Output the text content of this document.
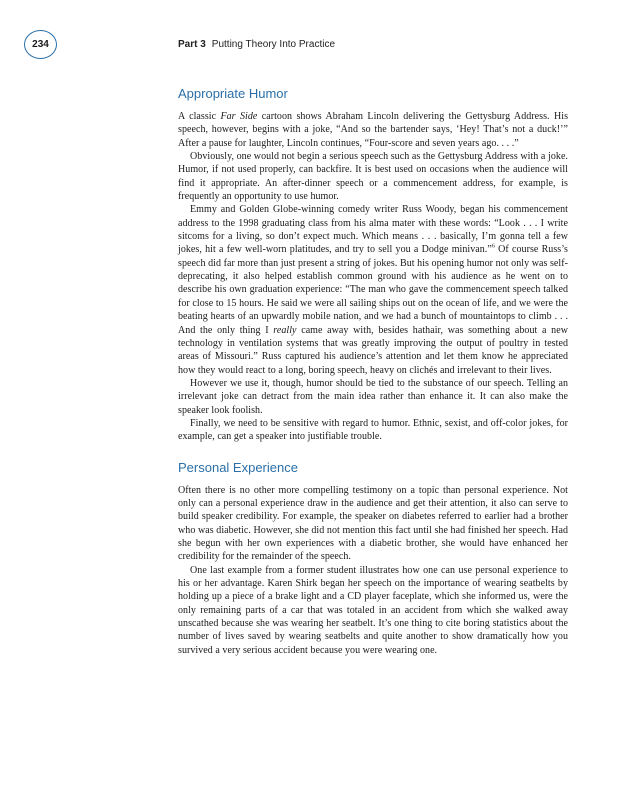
234	Part 3 Putting Theory Into Practice
Appropriate Humor

A classic Far Side cartoon shows Abraham Lincoln delivering the Gettysburg Address. His speech, however, begins with a joke, “And so the bartender says, ‘Hey! That’s not a duck!’” After a pause for laughter, Lincoln continues, “Four-score and seven years ago. . . .”

Obviously, one would not begin a serious speech such as the Gettysburg Address with a joke. Humor, if not used properly, can backfire. It is best used on occasions when the audience will find it appropriate. An after-dinner speech or a commencement address, for example, is frequently an opportunity to use humor.

Emmy and Golden Globe-winning comedy writer Russ Woody, began his commencement address to the 1998 graduating class from his alma mater with these words: “Look . . . I write sitcoms for a living, so don’t expect much. Which means . . . basically, I’m gonna tell a few jokes, hit a few well-worn platitudes, and try to sell you a Dodge minivan.”$^6$ Of course Russ’s speech did far more than just present a string of jokes. But his opening humor not only was self-deprecating, it also helped establish common ground with his audience as he went on to describe his own graduation experience: “The man who gave the commencement speech talked for close to 15 hours. He said we were all sailing ships out on the ocean of life, and we were the beating hearts of an upwardly mobile nation, and we had a bunch of mountaintops to climb . . . And the only thing I really came away with, besides hathair, was something about a new technology in ventilation systems that was greatly improving the output of poultry in tested areas of Missouri.” Russ captured his audience’s attention and let them know he appreciated how they would react to a long, boring speech, heavy on clichés and irrelevant to their lives.

However we use it, though, humor should be tied to the substance of our speech. Telling an irrelevant joke can detract from the main idea rather than enhance it. It can also make the speaker look foolish.

Finally, we need to be sensitive with regard to humor. Ethnic, sexist, and off-color jokes, for example, can get a speaker into justifiable trouble.

Personal Experience

Often there is no other more compelling testimony on a topic than personal experience. Not only can a personal experience draw in the audience and get their attention, it also can serve to build speaker credibility. For example, the speaker on diabetes referred to earlier had a brother who was diabetic. However, she did not mention this fact until she had finished her speech. Had she begun with her own experiences with a diabetic brother, she would have enhanced her credibility for the remainder of the speech.

One last example from a former student illustrates how one can use personal experience to his or her advantage. Karen Shirk began her speech on the importance of wearing seatbelts by holding up a piece of a brake light and a CD player faceplate, which she informed us, were the only remaining parts of a car that was totaled in an accident from which she walked away unscathed because she was wearing her seatbelt. It’s one thing to cite boring statistics about the number of lives saved by wearing seatbelts and quite another to show dramatically how you survived a very serious accident because you were wearing one.
